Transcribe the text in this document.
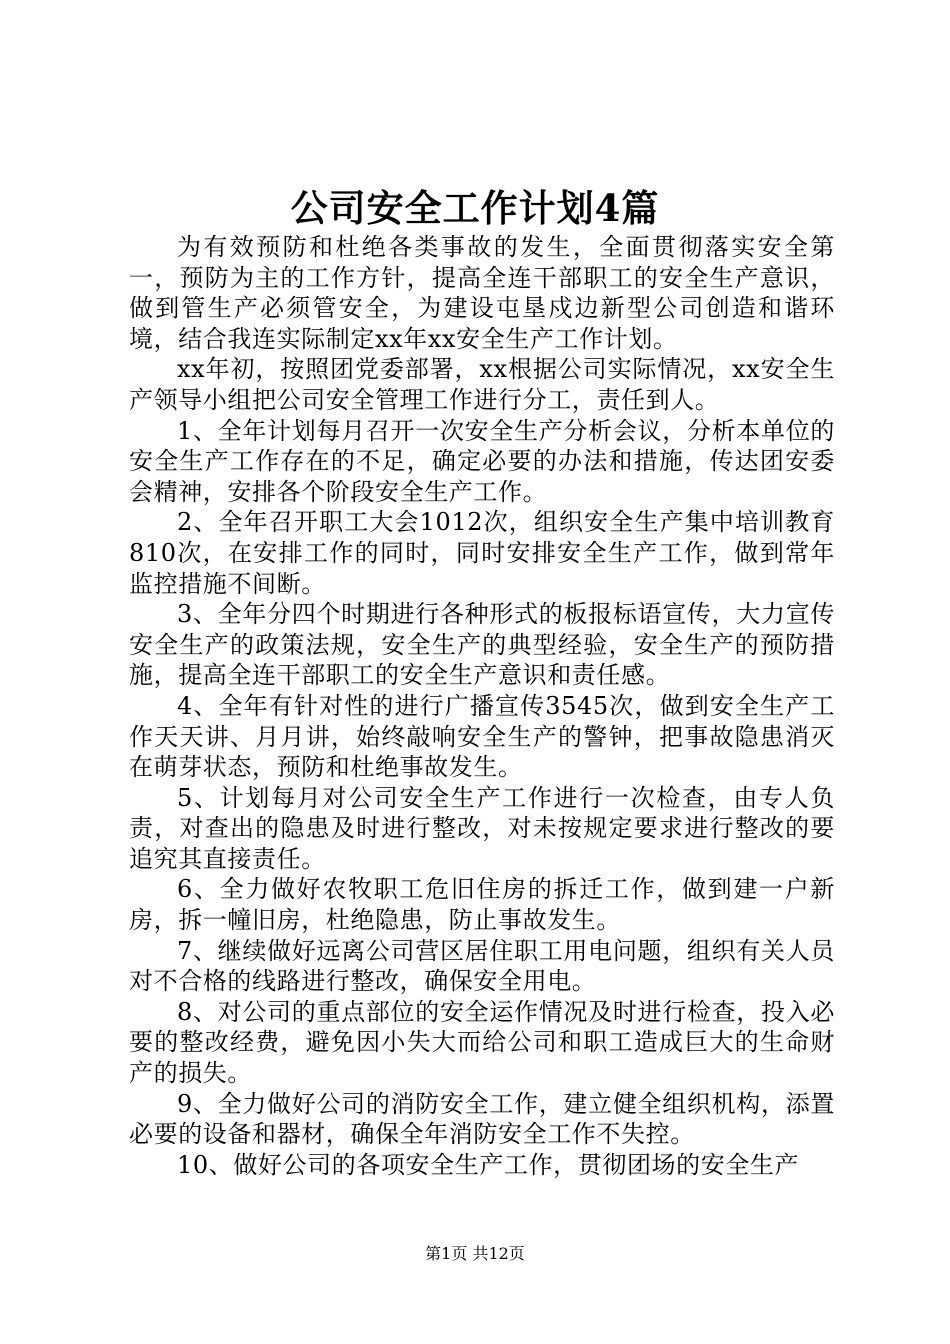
公司安全工作计划4篇

为有效预防和杜绝各类事故的发生，全面贯彻落实安全第一，预防为主的工作方针，提高全连干部职工的安全生产意识，做到管生产必须管安全，为建设屯垦戍边新型公司创造和谐环境，结合我连实际制定xx年xx安全生产工作计划。

xx年初，按照团党委部署，xx根据公司实际情况，xx安全生产领导小组把公司安全管理工作进行分工，责任到人。

1、全年计划每月召开一次安全生产分析会议，分析本单位的安全生产工作存在的不足，确定必要的办法和措施，传达团安委会精神，安排各个阶段安全生产工作。

2、全年召开职工大会1012次，组织安全生产集中培训教育810次，在安排工作的同时，同时安排安全生产工作，做到常年监控措施不间断。

3、全年分四个时期进行各种形式的板报标语宣传，大力宣传安全生产的政策法规，安全生产的典型经验，安全生产的预防措施，提高全连干部职工的安全生产意识和责任感。

4、全年有针对性的进行广播宣传3545次，做到安全生产工作天天讲、月月讲，始终敲响安全生产的警钟，把事故隐患消灭在萌芽状态，预防和杜绝事故发生。

5、计划每月对公司安全生产工作进行一次检查，由专人负责，对查出的隐患及时进行整改，对未按规定要求进行整改的要追究其直接责任。

6、全力做好农牧职工危旧住房的拆迁工作，做到建一户新房，拆一幢旧房，杜绝隐患，防止事故发生。

7、继续做好远离公司营区居住职工用电问题，组织有关人员对不合格的线路进行整改，确保安全用电。

8、对公司的重点部位的安全运作情况及时进行检查，投入必要的整改经费，避免因小失大而给公司和职工造成巨大的生命财产的损失。

9、全力做好公司的消防安全工作，建立健全组织机构，添置必要的设备和器材，确保全年消防安全工作不失控。

10、做好公司的各项安全生产工作，贯彻团场的安全生产

第1页 共12页
